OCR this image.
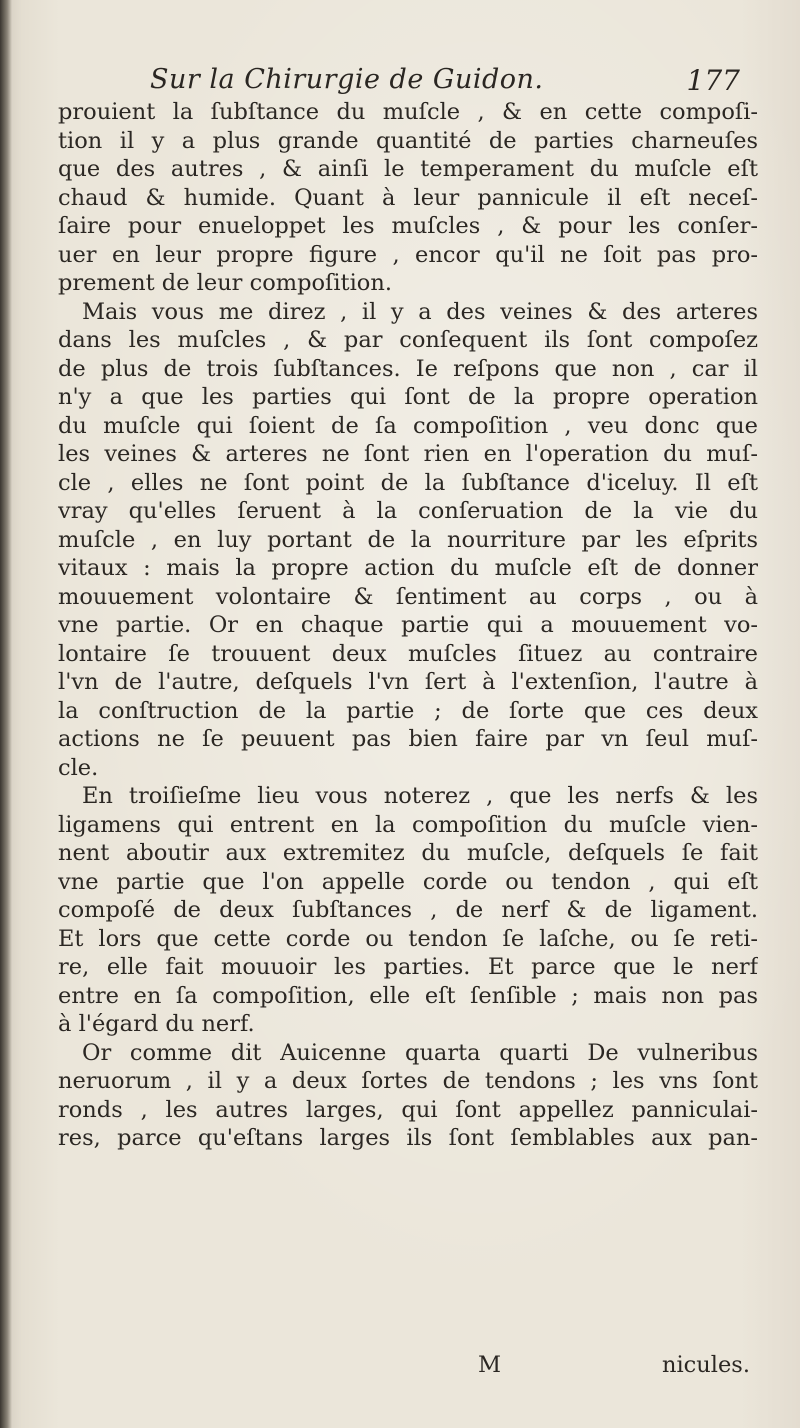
Sur la Chirurgie de Guidon.	177
prouient la ſubſtance du muſcle , & en cette compoſi-
tion il y a plus grande quantité de parties charneuſes
que des autres , & ainſi le temperament du muſcle eſt
chaud & humide. Quant à leur pannicule il eſt neceſ-
ſaire pour enueloppet les muſcles , & pour les conſer-
uer en leur propre figure , encor qu'il ne ſoit pas pro-
prement de leur compoſition.
Mais vous me direz , il y a des veines & des arteres
dans les muſcles , & par conſequent ils ſont compoſez
de plus de trois ſubſtances. Ie reſpons que non , car il
n'y a que les parties qui ſont de la propre operation
du muſcle qui ſoient de ſa compoſition , veu donc que
les veines & arteres ne ſont rien en l'operation du muſ-
cle , elles ne ſont point de la ſubſtance d'iceluy. Il eſt
vray qu'elles ſeruent à la conſeruation de la vie du
muſcle , en luy portant de la nourriture par les eſprits
vitaux : mais la propre action du muſcle eſt de donner
mouuement volontaire & ſentiment au corps , ou à
vne partie. Or en chaque partie qui a mouuement vo-
lontaire ſe trouuent deux muſcles ſituez au contraire
l'vn de l'autre, deſquels l'vn ſert à l'extenſion, l'autre à
la conſtruction de la partie ; de ſorte que ces deux
actions ne ſe peuuent pas bien faire par vn ſeul muſ-
cle.
En troiſieſme lieu vous noterez , que les nerfs & les
ligamens qui entrent en la compoſition du muſcle vien-
nent aboutir aux extremitez du muſcle, deſquels ſe fait
vne partie que l'on appelle corde ou tendon , qui eſt
compoſé de deux ſubſtances , de nerf & de ligament.
Et lors que cette corde ou tendon ſe laſche, ou ſe reti-
re, elle fait mouuoir les parties. Et parce que le nerf
entre en ſa compoſition, elle eſt ſenſible ; mais non pas
à l'égard du nerf.
Or comme dit Auicenne quarta quarti De vulneribus
neruorum , il y a deux ſortes de tendons ; les vns ſont
ronds , les autres larges, qui ſont appellez panniculai-
res, parce qu'eſtans larges ils ſont ſemblables aux pan-
M	nicules.
